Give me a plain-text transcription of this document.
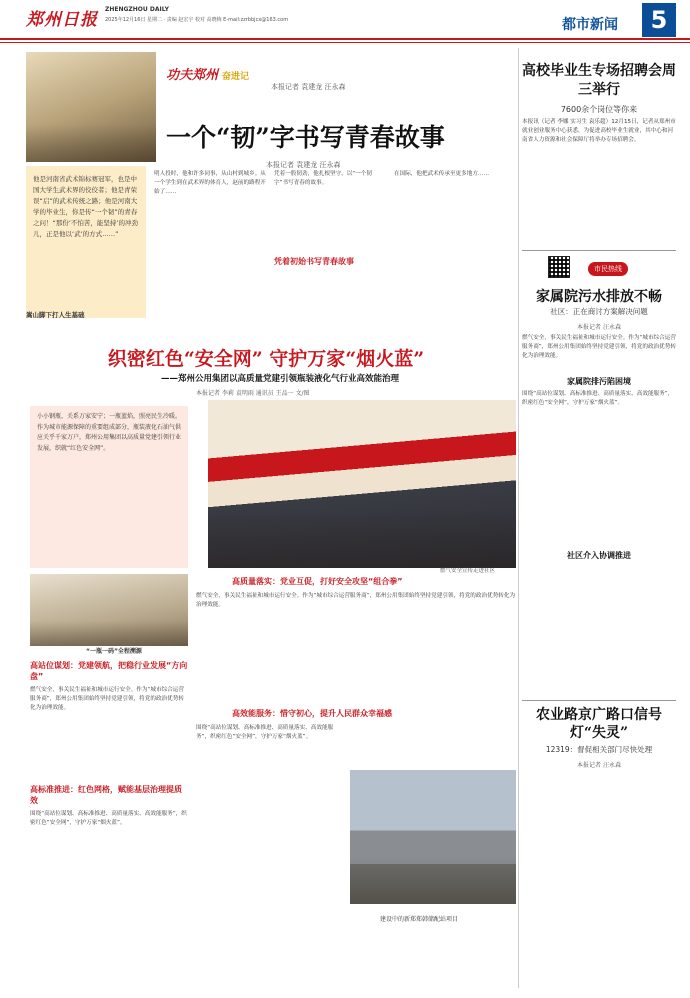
郑州日报
ZHENGZHOU DAILY
2025年12月16日 星期二 · 责编 赵宏宇 校对 高晓梅 E-mail:zzrbbjcx@163.com	都市新闻	5
功夫郑州 奋进记
本报记者 袁建龙 汪永森
一个“韧”字书写青春故事
本报记者 袁建龙 汪永森
他是河南省武术锦标赛冠军，也是中国大学生武术界的佼佼者；他是青荣误“启”的武术传统之路；他是河南大学的毕业生，你是传“一个韧”的青春之问！“那份‘不怕苦，能坚持’的冲劲儿，正是他以‘武’的方式……”
嵩山脚下打人生基础
明人投时，他和许多同事，从山村到城乡。从一个学生到在武术界的体育人，赵前的路程开始了……
凭着初始书写青春故事
凭着一股韧劲，他扎根坚守，以“一个韧字”书写青春的故事。
在国际，他把武术传承至更多地方……
高校毕业生专场招聘会周三举行
7600余个岗位等你来
本报讯（记者 李娜 实习生 袁乐超）12月15日，记者从郑州市就业创业服务中心获悉，为促进高校毕业生就业，其中心和河南省人力资源和社会保障厅将举办专场招聘会。
市民热线
家属院污水排放不畅
社区：正在商讨方案解决问题
本报记者 汪永森
燃气安全，事关民生福祉和城市运行安全。作为“城市综合运营服务商”，郑州公用集团始终坚持党建引领，将党的政治优势转化为治理效能。
家属院排污陷困境
围绕“高站位谋划、高标准推进、高质量落实、高效能服务”，织密红色“安全网”，守护万家“烟火蓝”。
社区介入协调推进
农业路京广路口信号灯“失灵”
12319：督促相关部门尽快处理
本报记者 汪永森
织密红色“安全网” 守护万家“烟火蓝”
——郑州公用集团以高质量党建引领瓶装液化气行业高效能治理
本报记者 李莉 袁明雨 通讯员 王品一 文/图
小小钢瓶，关系万家安宁；一瓶蓝焰，照亮民生冷暖。作为城市能源保障的重要组成部分，瓶装液化石油气供应关乎千家万户，郑州公用集团以高质量党建引领行业发展，织就“红色安全网”。
燃气安全宣传走进社区
“一瓶一码”全程溯源
高站位谋划：党建领航，把稳行业发展“方向盘”
燃气安全，事关民生福祉和城市运行安全。作为“城市综合运营服务商”，郑州公用集团始终坚持党建引领，将党的政治优势转化为治理效能。
高标准推进：红色网格，赋能基层治理提质效
围绕“高站位谋划、高标准推进、高质量落实、高效能服务”，织密红色“安全网”，守护万家“烟火蓝”。
高质量落实：党业互促，打好安全攻坚“组合拳”
燃气安全，事关民生福祉和城市运行安全。作为“城市综合运营服务商”，郑州公用集团始终坚持党建引领，将党的政治优势转化为治理效能。
高效能服务：惜守初心，提升人民群众幸福感
围绕“高站位谋划、高标准推进、高质量落实、高效能服务”，织密红色“安全网”，守护万家“烟火蓝”。
建设中的新郑郑韩储配站项目
